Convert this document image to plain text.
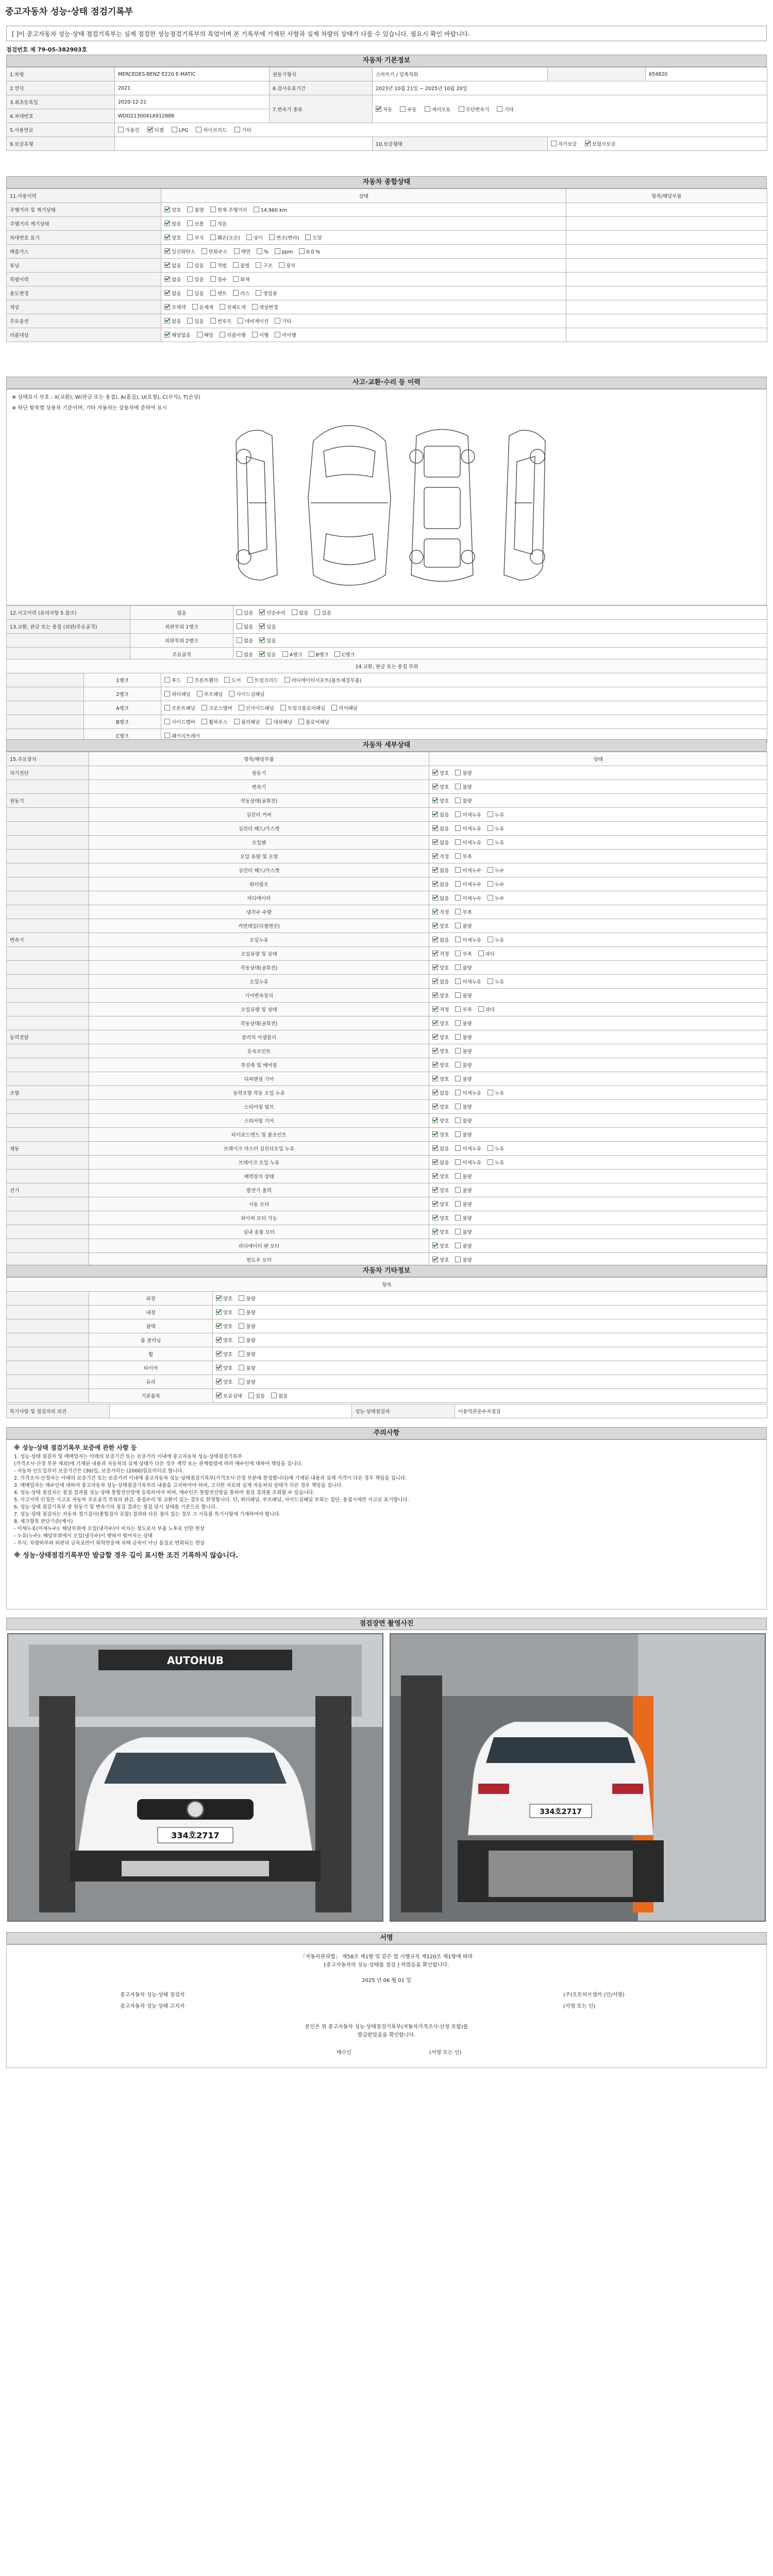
중고자동차 성능·상태 점검기록부
[ ]이 중고자동차 성능·상태 점검기록부는 실제 점검한 성능점검기록부의 목업이며 본 기록부에 기재된 사항과 실제 차량의 상태가 다를 수 있습니다. 필요시 확인 바랍니다.
점검번호 제 79-05-382903호
자동차 기본정보
1.차명	MERCEDES-BENZ E220 E-MATIC	원동기형식	스마트키 / 압축착화		654820
2.연식	2021	6.검사유효기간	2023년 10월 21일 ~ 2025년 10월 20일		
3.최초등록일	2020-12-21	7.변속기 종류	자동 수동 세미오토 무단변속기 기타		
4.차대번호	WDD2130041A912888				
5.사용연료	가솔린 디젤 LPG 하이브리드 기타				
9.보증유형			10.보증형태	자가보증 보험사보증	
자동차 종합상태
11.사용이력	상태	항목/해당부품
주행거리 및 계기상태	양호 불량 현재 주행거리 14,960 km	
주행거리 계기상태	많음 보통 적음	
차대번호 표기	양호 부식 훼손(오손) 상이 변조(변타) 도말	
배출가스	일산화탄소 탄화수소 매연 % ppm 0.0 %	
튜닝	없음 있음 적법 불법 구조 장치	
특별이력	없음 있음 침수 화재	
용도변경	없음 있음 렌트 리스 영업용	
색상	무채색 유채색 전체도색 색상변경	
주요옵션	없음 있음 썬루프 네비게이션 기타	
리콜대상	해당없음 해당 리콜이행 이행 미이행	
사고·교환·수리 등 이력
※ 상태표시 부호 : X(교환), W(판금 또는 용접), A(흠집), U(요철), C(부식), T(손상)
※ 하단 항목별 상용차 기준이며, 기타 자동차는 상용차에 준하여 표시
12.사고이력 (유의사항 5.참조)	없음	있음 단순수리 없음 있음
13.교환, 판금 또는 용접 (외판/주요골격)	외판부위 1랭크	없음 있음
	외판부위 2랭크	없음 있음
	주요골격	없음 있음 A랭크 B랭크 C랭크
14.교환, 판금 또는 용접 부위		
	1랭크	후드 프론트휀더 도어 트렁크리드 라디에이터서포트(볼트체결부품)
	2랭크	쿼터패널 루프패널 사이드실패널
	A랭크	프론트패널 크로스멤버 인사이드패널 트렁크플로어패널 리어패널
	B랭크	사이드멤버 휠하우스 필러패널 대쉬패널 플로어패널
	C랭크	패키지트레이
자동차 세부상태
15.주요장치	항목/해당부품	상태
자기진단	원동기	양호 불량
	변속기	양호 불량
원동기	작동상태(공회전)	양호 불량
	실린더 커버	없음 미세누유 누유
	실린더 헤드/가스켓	없음 미세누유 누유
	오일팬	없음 미세누유 누유
	오일 유량 및 오염	적정 부족
	실린더 헤드/가스켓	없음 미세누수 누수
	워터펌프	없음 미세누수 누수
	라디에이터	없음 미세누수 누수
	냉각수 수량	적정 부족
	커먼레일(디젤엔진)	양호 불량
변속기	오일누유	없음 미세누유 누유
	오일유량 및 상태	적정 부족 과다
	작동상태(공회전)	양호 불량
	오일누유	없음 미세누유 누유
	기어변속장치	양호 불량
	오일유량 및 상태	적정 부족 과다
	작동상태(공회전)	양호 불량
동력전달	클러치 어셈블리	양호 불량
	등속조인트	양호 불량
	추진축 및 베어링	양호 불량
	디퍼렌셜 기어	양호 불량
조향	동력조향 작동 오일 누유	없음 미세누유 누유
	스티어링 펌프	양호 불량
	스티어링 기어	양호 불량
	타이로드엔드 및 볼조인트	양호 불량
제동	브레이크 마스터 실린더오일 누유	없음 미세누유 누유
	브레이크 오일 누유	없음 미세누유 누유
	배력장치 상태	양호 불량
전기	발전기 출력	양호 불량
	시동 모터	양호 불량
	와이퍼 모터 기능	양호 불량
	실내 송풍 모터	양호 불량
	라디에이터 팬 모터	양호 불량
	윈도우 모터	양호 불량

자동차 기타정보
항목		
	외장	양호 불량
	내장	양호 불량
	광택	양호 불량
	룸 클리닝	양호 불량
	휠	양호 불량
	타이어	양호 불량
	유리	양호 불량
	기본품목	보유상태 있음 없음
특기사항 및 점검자의 의견		성능·상태점검자	이용약관준수자점검
주의사항
※ 성능·상태 점검기록부 보증에 관한 사항 등
1. 성능·상태 점검자 및 매매업자는 아래의 보증기간 또는 보증거리 이내에 중고자동차 성능·상태점검기록부
(가격조사·산정 부분 제외)에 기재된 내용과 자동차의 실제 상태가 다른 경우 계약 또는 관계법령에 따라 매수인에 대하여 책임을 집니다.
- 자동차 인도일부터 보증기간은 (30)일, 보증거리는 (2000)킬로미터로 합니다.
2. 가격조사·산정자는 아래의 보증기간 또는 보증거리 이내에 중고자동차 성능·상태점검기록부(가격조사·산정 부분에 한정합니다)에 기재된 내용과 실제 가격이 다른 경우 책임을 집니다.
3. 매매업자는 매수인에 대하여 중고자동차 성능·상태점검기록부의 내용을 고지하여야 하며, 고지한 자료와 실제 자동차의 상태가 다른 경우 책임을 집니다.
4. 성능·상태 점검자는 점검 결과를 성능·상태 통합전산망에 등록하여야 하며, 매수인은 통합전산망을 통하여 점검 결과를 조회할 수 있습니다.
5. 사고이력 인정은 사고로 자동차 주요골격 부위의 판금, 용접수리 및 교환이 있는 경우로 한정합니다. 단, 쿼터패널, 루프패널, 사이드실패널 부위는 절단, 용접시에만 사고로 표기합니다.
6. 성능·상태 점검기록부 중 원동기 및 변속기의 점검 결과는 점검 당시 상태를 기준으로 합니다.
7. 성능·상태 점검자는 자동차 정기검사(종합검사 포함) 결과와 다른 점이 있는 경우 그 사유를 특기사항에 기재하여야 합니다.
8. 체크항목 판단기준(예시)
- 미세누유(미세누수): 해당부위에 오일(냉각수)이 비치는 정도로서 부품 노후로 인한 현상
- 누유(누수): 해당부위에서 오일(냉각수)이 맺혀서 떨어지는 상태
- 부식: 차량하부와 외판의 금속표면이 화학반응에 의해 금속이 아닌 물질로 변화되는 현상
※ 성능·상태점검기록부만 발급할 경우 길이 표시한 조건 기록하지 않습니다.
점검장면 촬영사진
AUTOHUB
334호2717
334호2717
서명
「자동차관리법」 제58조 제1항 및 같은 법 시행규칙 제120조 제1항에 따라
[중고자동차의 성능·상태를 점검 ] 하였음을 확인합니다.
2025 년 06 월 01 일
중고자동차 성능·상태 점검자	(주)오토허브셀카 (인/서명)
중고자동차 성능·상태 고지자	(서명 또는 인)
본인은 위 중고자동차 성능·상태점검기록부(자동차가격조사·산정 포함)를
발급받았음을 확인합니다.
매수인	(서명 또는 인)
